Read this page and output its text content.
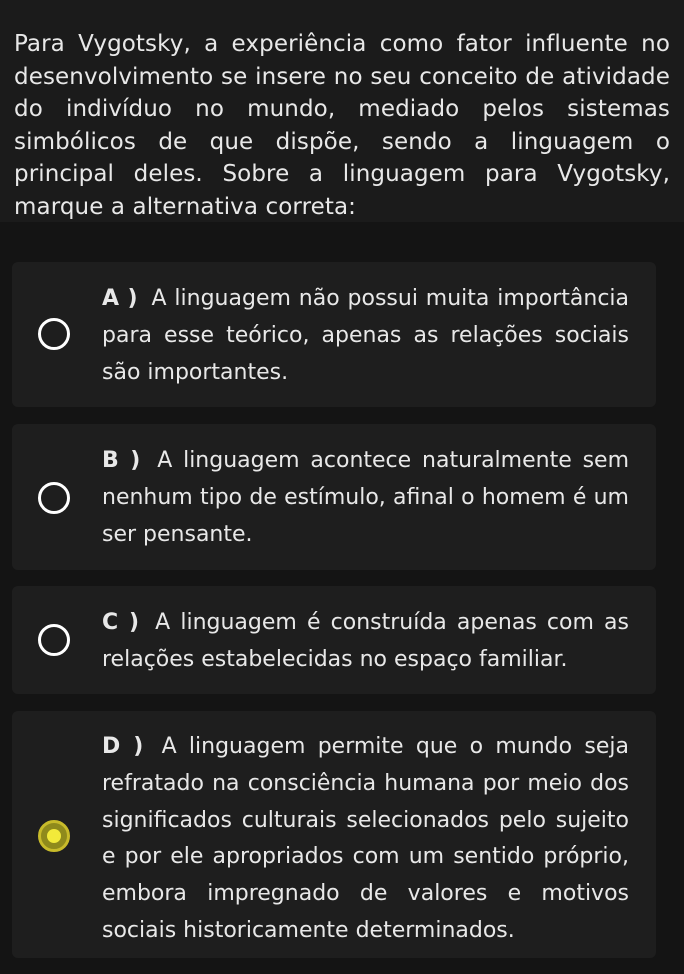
Para Vygotsky, a experiência como fator influente no desenvolvimento se insere no seu conceito de atividade do indivíduo no mundo, mediado pelos sistemas simbólicos de que dispõe, sendo a linguagem o principal deles. Sobre a linguagem para Vygotsky, marque a alternativa correta:
A ) A linguagem não possui muita importância para esse teórico, apenas as relações sociais são importantes.
B ) A linguagem acontece naturalmente sem nenhum tipo de estímulo, afinal o homem é um ser pensante.
C ) A linguagem é construída apenas com as relações estabelecidas no espaço familiar.
D ) A linguagem permite que o mundo seja refratado na consciência humana por meio dos significados culturais selecionados pelo sujeito e por ele apropriados com um sentido próprio, embora impregnado de valores e motivos sociais historicamente determinados.
